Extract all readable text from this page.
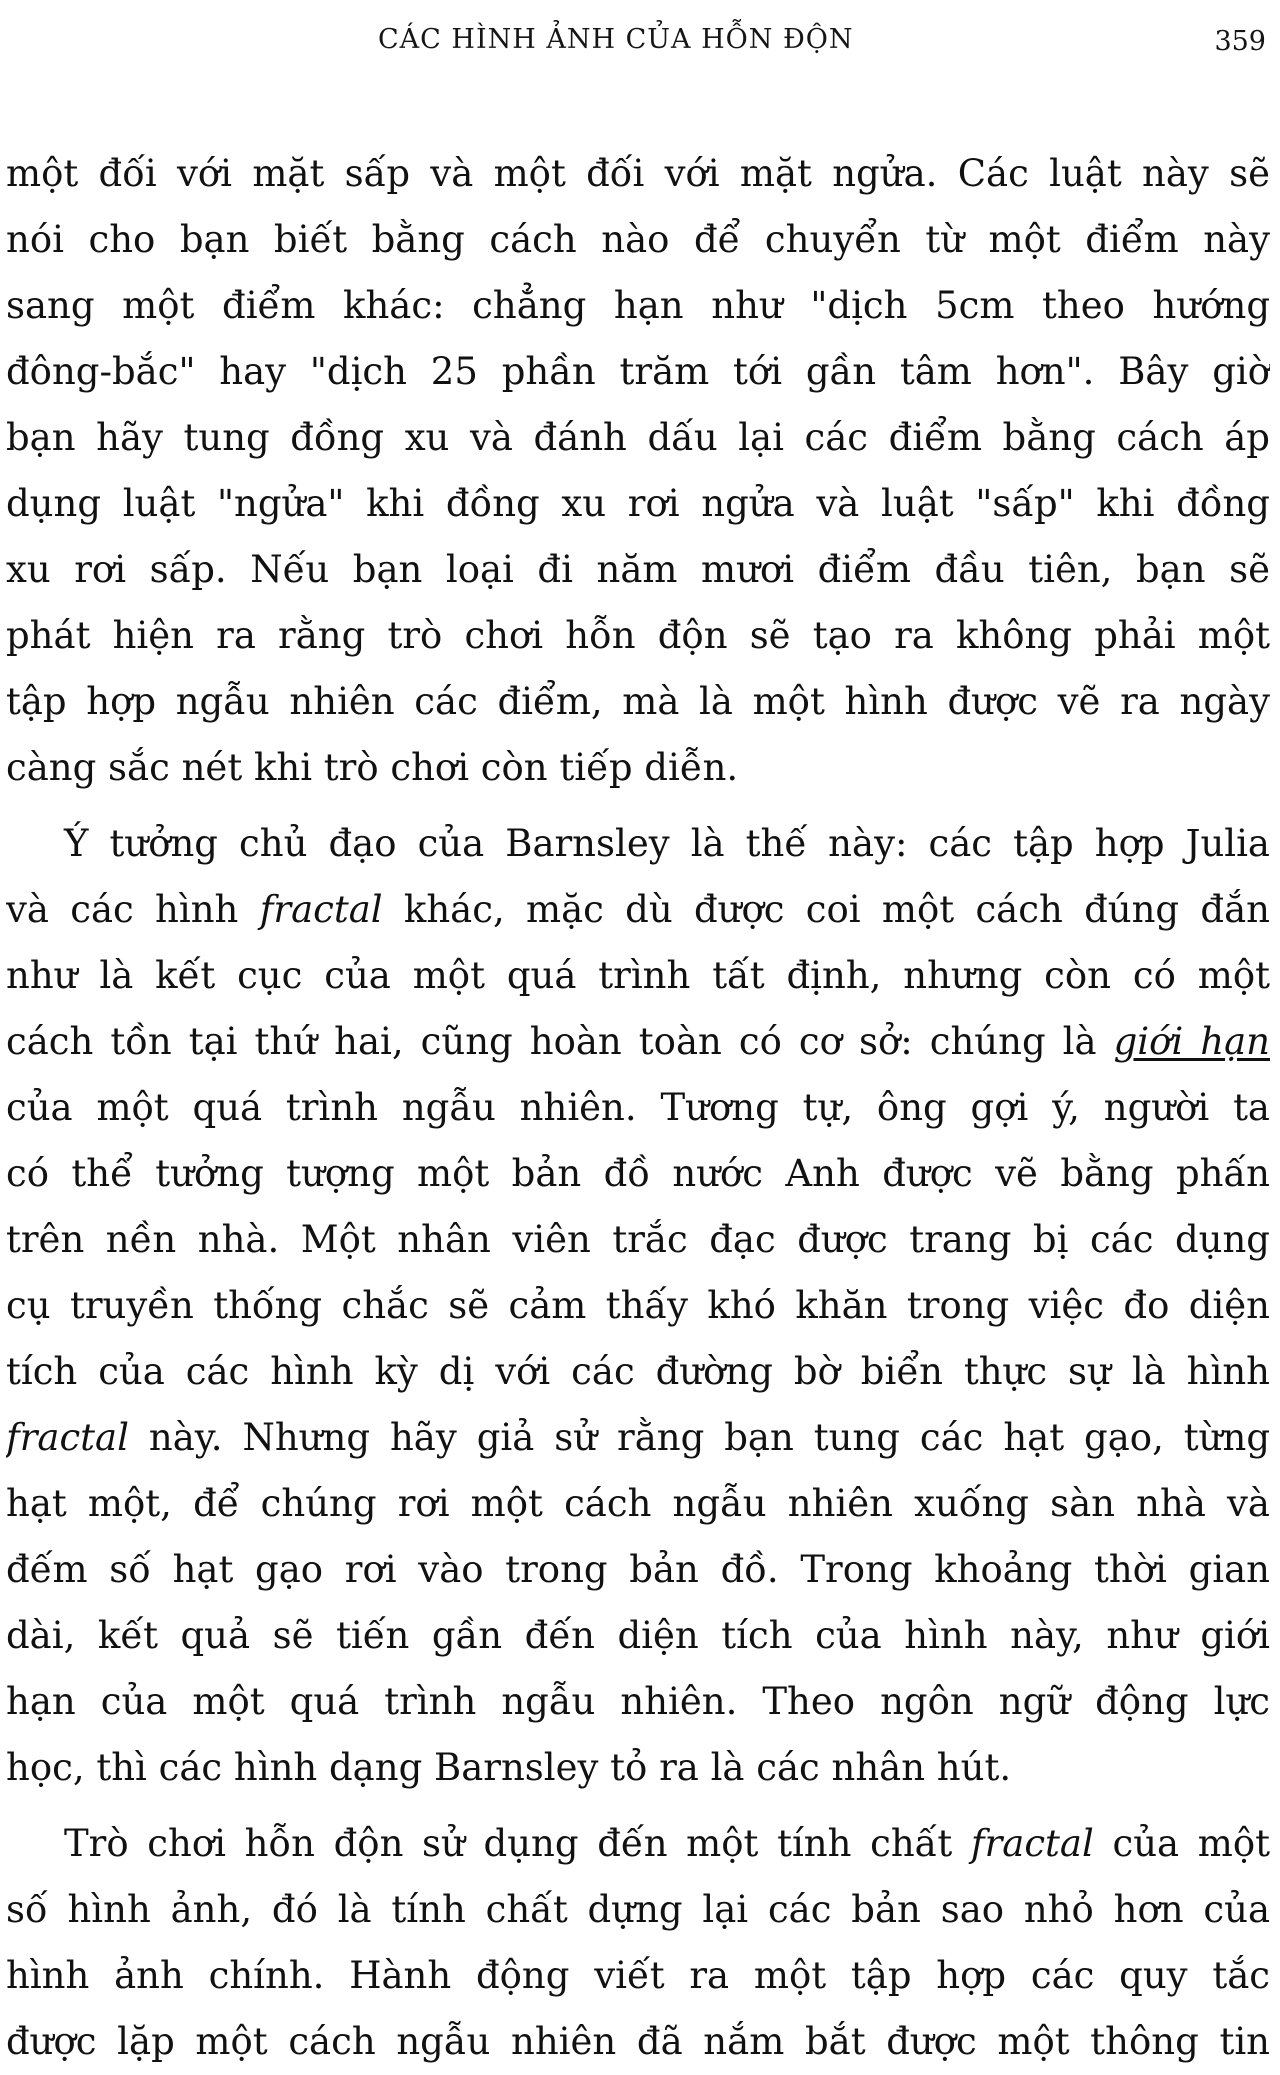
CÁC HÌNH ẢNH CỦA HỖN ĐỘN	359
một đối với mặt sấp và một đối với mặt ngửa. Các luật này sẽ
nói cho bạn biết bằng cách nào để chuyển từ một điểm này
sang một điểm khác: chẳng hạn như "dịch 5cm theo hướng
đông-bắc" hay "dịch 25 phần trăm tới gần tâm hơn". Bây giờ
bạn hãy tung đồng xu và đánh dấu lại các điểm bằng cách áp
dụng luật "ngửa" khi đồng xu rơi ngửa và luật "sấp" khi đồng
xu rơi sấp. Nếu bạn loại đi năm mươi điểm đầu tiên, bạn sẽ
phát hiện ra rằng trò chơi hỗn độn sẽ tạo ra không phải một
tập hợp ngẫu nhiên các điểm, mà là một hình được vẽ ra ngày
càng sắc nét khi trò chơi còn tiếp diễn.
Ý tưởng chủ đạo của Barnsley là thế này: các tập hợp Julia
và các hình fractal khác, mặc dù được coi một cách đúng đắn
như là kết cục của một quá trình tất định, nhưng còn có một
cách tồn tại thứ hai, cũng hoàn toàn có cơ sở: chúng là giới hạn
của một quá trình ngẫu nhiên. Tương tự, ông gợi ý, người ta
có thể tưởng tượng một bản đồ nước Anh được vẽ bằng phấn
trên nền nhà. Một nhân viên trắc đạc được trang bị các dụng
cụ truyền thống chắc sẽ cảm thấy khó khăn trong việc đo diện
tích của các hình kỳ dị với các đường bờ biển thực sự là hình
fractal này. Nhưng hãy giả sử rằng bạn tung các hạt gạo, từng
hạt một, để chúng rơi một cách ngẫu nhiên xuống sàn nhà và
đếm số hạt gạo rơi vào trong bản đồ. Trong khoảng thời gian
dài, kết quả sẽ tiến gần đến diện tích của hình này, như giới
hạn của một quá trình ngẫu nhiên. Theo ngôn ngữ động lực
học, thì các hình dạng Barnsley tỏ ra là các nhân hút.
Trò chơi hỗn độn sử dụng đến một tính chất fractal của một
số hình ảnh, đó là tính chất dựng lại các bản sao nhỏ hơn của
hình ảnh chính. Hành động viết ra một tập hợp các quy tắc
được lặp một cách ngẫu nhiên đã nắm bắt được một thông tin
